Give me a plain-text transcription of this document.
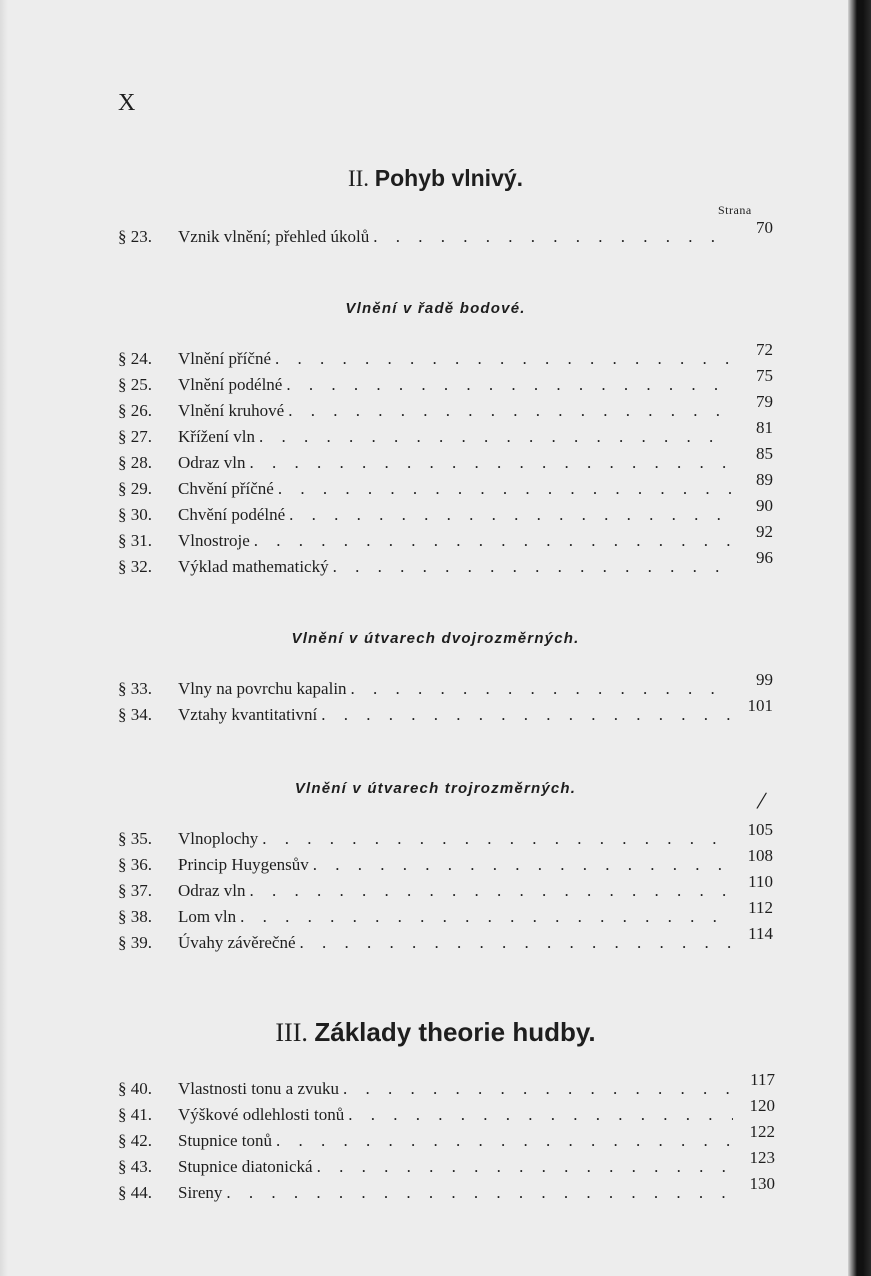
X
II. Pohyb vlnivý.
Strana
§ 23.	Vznik vlnění; přehled úkolů . . .	70
Vlnění v řadě bodové.
§ 24.	Vlnění příčné . . .	72
§ 25.	Vlnění podélné . . .	75
§ 26.	Vlnění kruhové . . .	79
§ 27.	Křížení vln . . .	81
§ 28.	Odraz vln . . .	85
§ 29.	Chvění příčné . . .	89
§ 30.	Chvění podélné . . .	90
§ 31.	Vlnostroje . . .	92
§ 32.	Výklad mathematický . . .	96
Vlnění v útvarech dvojrozměrných.
§ 33.	Vlny na povrchu kapalin . . .	99
§ 34.	Vztahy kvantitativní . . .	101
Vlnění v útvarech trojrozměrných.	/
§ 35.	Vlnoplochy . . .	105
§ 36.	Princip Huygensův . . .	108
§ 37.	Odraz vln . . .	110
§ 38.	Lom vln . . .	112
§ 39.	Úvahy závěrečné . . .	114
III. Základy theorie hudby.
§ 40.	Vlastnosti tonu a zvuku . . .	117
§ 41.	Výškové odlehlosti tonů . . .	120
§ 42.	Stupnice tonů . . .	122
§ 43.	Stupnice diatonická . . .	123
§ 44.	Sireny . . .	130
